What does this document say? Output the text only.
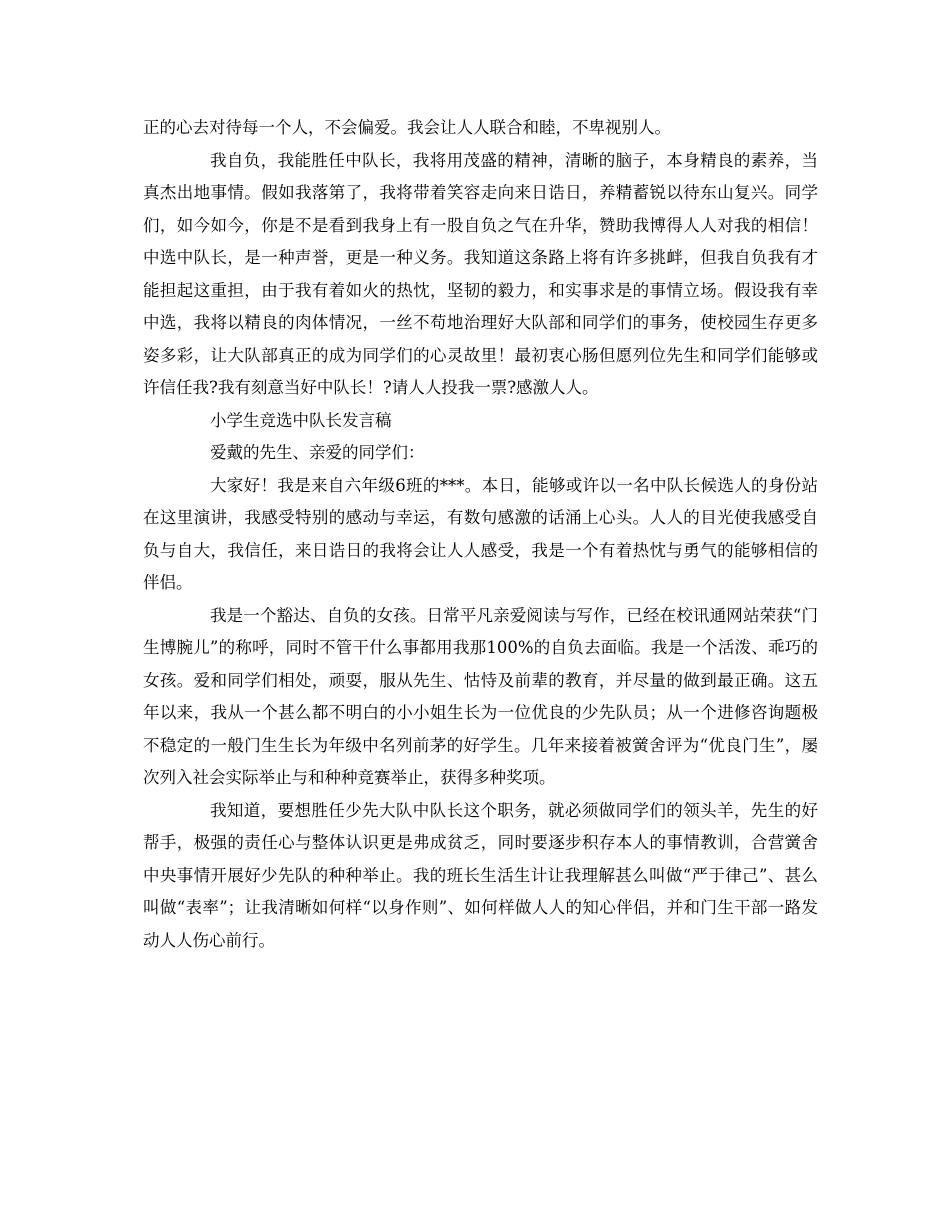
正的心去对待每一个人，不会偏爱。我会让人人联合和睦，不卑视别人。

我自负，我能胜任中队长，我将用茂盛的精神，清晰的脑子，本身精良的素养，当真杰出地事情。假如我落第了，我将带着笑容走向来日诰日，养精蓄锐以待东山复兴。同学们，如今如今，你是不是看到我身上有一股自负之气在升华，赞助我博得人人对我的相信！中选中队长，是一种声誉，更是一种义务。我知道这条路上将有许多挑衅，但我自负我有才能担起这重担，由于我有着如火的热忱，坚韧的毅力，和实事求是的事情立场。假设我有幸中选，我将以精良的肉体情况，一丝不苟地治理好大队部和同学们的事务，使校园生存更多姿多彩，让大队部真正的成为同学们的心灵故里！最初衷心肠但愿列位先生和同学们能够或许信任我?我有刻意当好中队长！?请人人投我一票?感激人人。

小学生竞选中队长发言稿

爱戴的先生、亲爱的同学们：

大家好！我是来自六年级6班的***。本日，能够或许以一名中队长候选人的身份站在这里演讲，我感受特别的感动与幸运，有数句感激的话涌上心头。人人的目光使我感受自负与自大，我信任，来日诰日的我将会让人人感受，我是一个有着热忱与勇气的能够相信的伴侣。

我是一个豁达、自负的女孩。日常平凡亲爱阅读与写作，已经在校讯通网站荣获“门生博腕儿”的称呼，同时不管干什么事都用我那100%的自负去面临。我是一个活泼、乖巧的女孩。爱和同学们相处，顽耍，服从先生、怙恃及前辈的教育，并尽量的做到最正确。这五年以来，我从一个甚么都不明白的小小姐生长为一位优良的少先队员；从一个进修咨询题极不稳定的一般门生生长为年级中名列前茅的好学生。几年来接着被黉舍评为“优良门生”，屡次列入社会实际举止与和种种竞赛举止，获得多种奖项。

我知道，要想胜任少先大队中队长这个职务，就必须做同学们的领头羊，先生的好帮手，极强的责任心与整体认识更是弗成贫乏，同时要逐步积存本人的事情教训，合营黉舍中央事情开展好少先队的种种举止。我的班长生活生计让我理解甚么叫做“严于律己”、甚么叫做“表率”；让我清晰如何样“以身作则”、如何样做人人的知心伴侣，并和门生干部一路发动人人伤心前行。
